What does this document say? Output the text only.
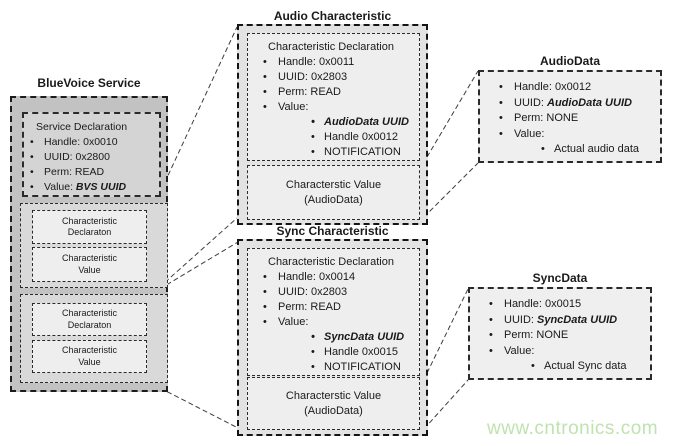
BlueVoice Service
Service Declaration
• Handle: 0x0010
• UUID: 0x2800
• Perm: READ
• Value: BVS UUID
Characteristic
Declaraton
Characteristic
Value
Characteristic
Declaraton
Characteristic
Value
Audio Characteristic
Characteristic Declaration
• Handle: 0x0011
• UUID: 0x2803
• Perm: READ
• Value:
• AudioData UUID
• Handle 0x0012
• NOTIFICATION
Characterstic Value
(AudioData)
Sync Characteristic
Characteristic Declaration
• Handle: 0x0014
• UUID: 0x2803
• Perm: READ
• Value:
• SyncData UUID
• Handle 0x0015
• NOTIFICATION
Characterstic Value
(AudioData)
AudioData
• Handle: 0x0012
• UUID: AudioData UUID
• Perm: NONE
• Value:
• Actual audio data
SyncData
• Handle: 0x0015
• UUID: SyncData UUID
• Perm: NONE
• Value:
• Actual Sync data
www.cntronics.com
